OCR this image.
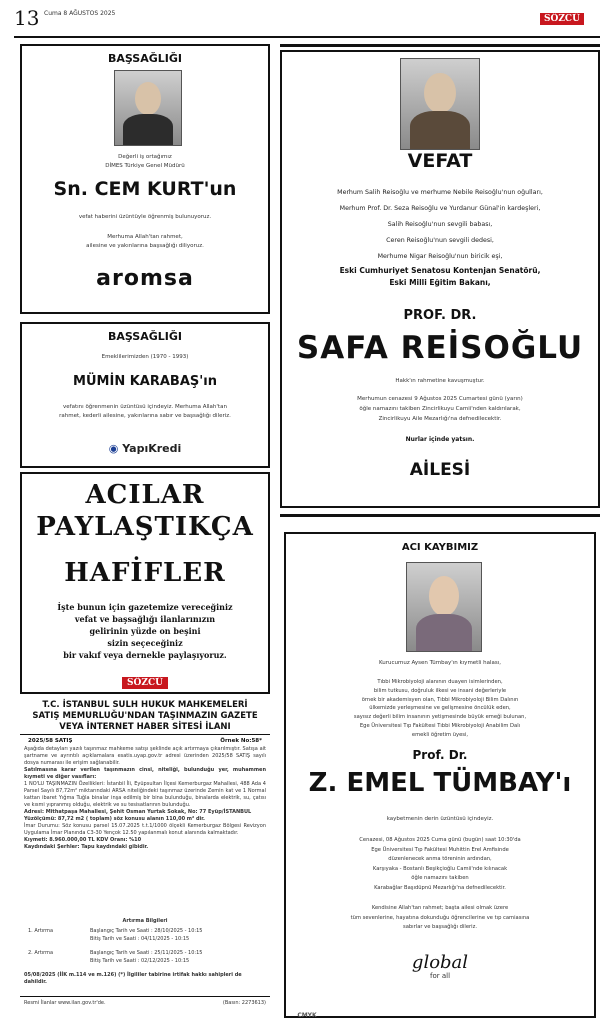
13 Cuma 8 AĞUSTOS 2025
SÖZCÜ
BAŞSAĞLIĞI
Değerli iş ortağımız
DİMES Türkiye Genel Müdürü
Sn. CEM KURT'un
vefat haberini üzüntüyle öğrenmiş bulunuyoruz.
Merhuma Allah'tan rahmet,
ailesine ve yakınlarına başsağlığı diliyoruz.
aromsa
BAŞSAĞLIĞI
Emeklilerimizden (1970 - 1993)
MÜMİN KARABAŞ'ın
vefatını öğrenmenin üzüntüsü içindeyiz. Merhuma Allah'tan
rahmet, kederli ailesine, yakınlarına sabır ve başsağlığı dileriz.
◉ YapıKredi
ACILAR
PAYLAŞTIKÇA
HAFİFLER
İşte bunun için gazetemize vereceğiniz
vefat ve başsağlığı ilanlarınızın
gelirinin yüzde on beşini
sizin seçeceğiniz
bir vakıf veya dernekle paylaşıyoruz.
SÖZCÜ
T.C. İSTANBUL SULH HUKUK MAHKEMELERİ
SATIŞ MEMURLUĞU'NDAN TAŞINMAZIN GAZETE
VEYA İNTERNET HABER SİTESİ İLANI
2025/58 SATIŞ	Örnek No:58*
Aşağıda detayları yazılı taşınmaz mahkeme satışı şeklinde açık artırmaya çıkarılmıştır. Satışa ait şartname ve ayrıntılı açıklamalara esatis.uyap.gov.tr adresi üzerinden 2025/58 SATIŞ sayılı dosya numarası ile erişim sağlanabilir.
Satılmasına karar verilen taşınmazın cinsi, niteliği, bulunduğu yer, muhammen kıymeti ve diğer vasıfları:
1 NO'LU TAŞINMAZIN Özellikleri: İstanbil İli, Eyüpsultan İlçesi Kemerburgaz Mahallesi, 488 Ada 4 Parsel Sayılı 87,72m² miktarındaki ARSA niteliğindeki taşınmaz üzerinde Zemin kat ve 1 Normal kattan ibaret Yığma Tuğla binalar inşa edilmiş bir bina bulunduğu, binalarda elektrik, su, çatısı ve kısmi yıpranmış olduğu, elektrik ve su tesisatlarının bulunduğu.
Adresi: Mithatpaşa Mahallesi, Şehit Osman Yurtak Sokak, No: 77 Eyüp/İSTANBUL
Yüzölçümü: 87,72 m2 ( toplam) söz konusu alanın 110,00 m² dir.
İmar Durumu: Söz konusu parsel 15.07.2025 t.t.1/1000 ölçekli Kemerburgaz Bölgesi Revizyon Uygulama İmar Planında C3-30 Yençok 12.50 yapılanmalı konut alanında kalmaktadır.
Kıymeti: 8.960.000,00 TL KDV Oranı: %10
Kaydındaki Şerhler: Tapu kaydındaki gibidir.
Artırma Bilgileri
1. Artırma	Başlangıç Tarih ve Saati : 28/10/2025 - 10:15
Bitiş Tarih ve Saati : 04/11/2025 - 10:15
2. Artırma	Başlangıç Tarih ve Saati : 25/11/2025 - 10:15
Bitiş Tarih ve Saati : 02/12/2025 - 10:15
05/08/2025 (İİK m.114 ve m.126) (*) İlgililer tabirine irtifak hakkı sahipleri de dahildir.
Resmi İlanlar www.ilan.gov.tr'de.	(Basın: 2273613)
VEFAT
Merhum Salih Reisoğlu ve merhume Nebile Reisoğlu'nun oğulları,
Merhum Prof. Dr. Seza Reisoğlu ve Yurdanur Günal'in kardeşleri,
Salih Reisoğlu'nun sevgili babası,
Ceren Reisoğlu'nun sevgili dedesi,
Merhume Nigar Reisoğlu'nun biricik eşi,
Eski Cumhuriyet Senatosu Kontenjan Senatörü,
Eski Milli Eğitim Bakanı,
PROF. DR.
SAFA REİSOĞLU
Hakk'ın rahmetine kavuşmuştur.
Merhumun cenazesi 9 Ağustos 2025 Cumartesi günü (yarın)
öğle namazını takiben Zincirlikuyu Camii'nden kaldırılarak,
Zincirlikuyu Aile Mezarlığı'na defnedilecektir.
Nurlar içinde yatsın.
AİLESİ
ACI KAYBIMIZ
Kurucumuz Aysen Tümbay'ın kıymetli halası,
Tıbbi Mikrobiyoloji alanının duayen isimlerinden,
bilim tutkusu, doğruluk ilkesi ve insani değerleriyle
örnek bir akademisyen olan, Tıbbi Mikrobiyoloji Bilim Dalının
ülkemizde yerleşmesine ve gelişmesine öncülük eden,
sayısız değerli bilim insanının yetişmesinde büyük emeği bulunan,
Ege Üniversitesi Tıp Fakültesi Tıbbi Mikrobiyoloji Anabilim Dalı
emekli öğretim üyesi,
Prof. Dr.
Z. EMEL TÜMBAY'ı
kaybetmenin derin üzüntüsü içindeyiz.
Cenazesi, 08 Ağustos 2025 Cuma günü (bugün) saat 10:30'da
Ege Üniversitesi Tıp Fakültesi Muhittin Erel Amfisinde
düzenlenecek anma töreninin ardından,
Karşıyaka - Bostanlı Beşikçioğlu Camii'nde kılınacak
öğle namazını takiben
Karabağlar Başıdüpnü Mezarlığı'na defnedilecektir.
Kendisine Allah'tan rahmet; başta ailesi olmak üzere
tüm sevenlerine, hayatına dokunduğu öğrencilerine ve tıp camiasına
sabırlar ve başsağlığı dileriz.
global
for all
CMYK
